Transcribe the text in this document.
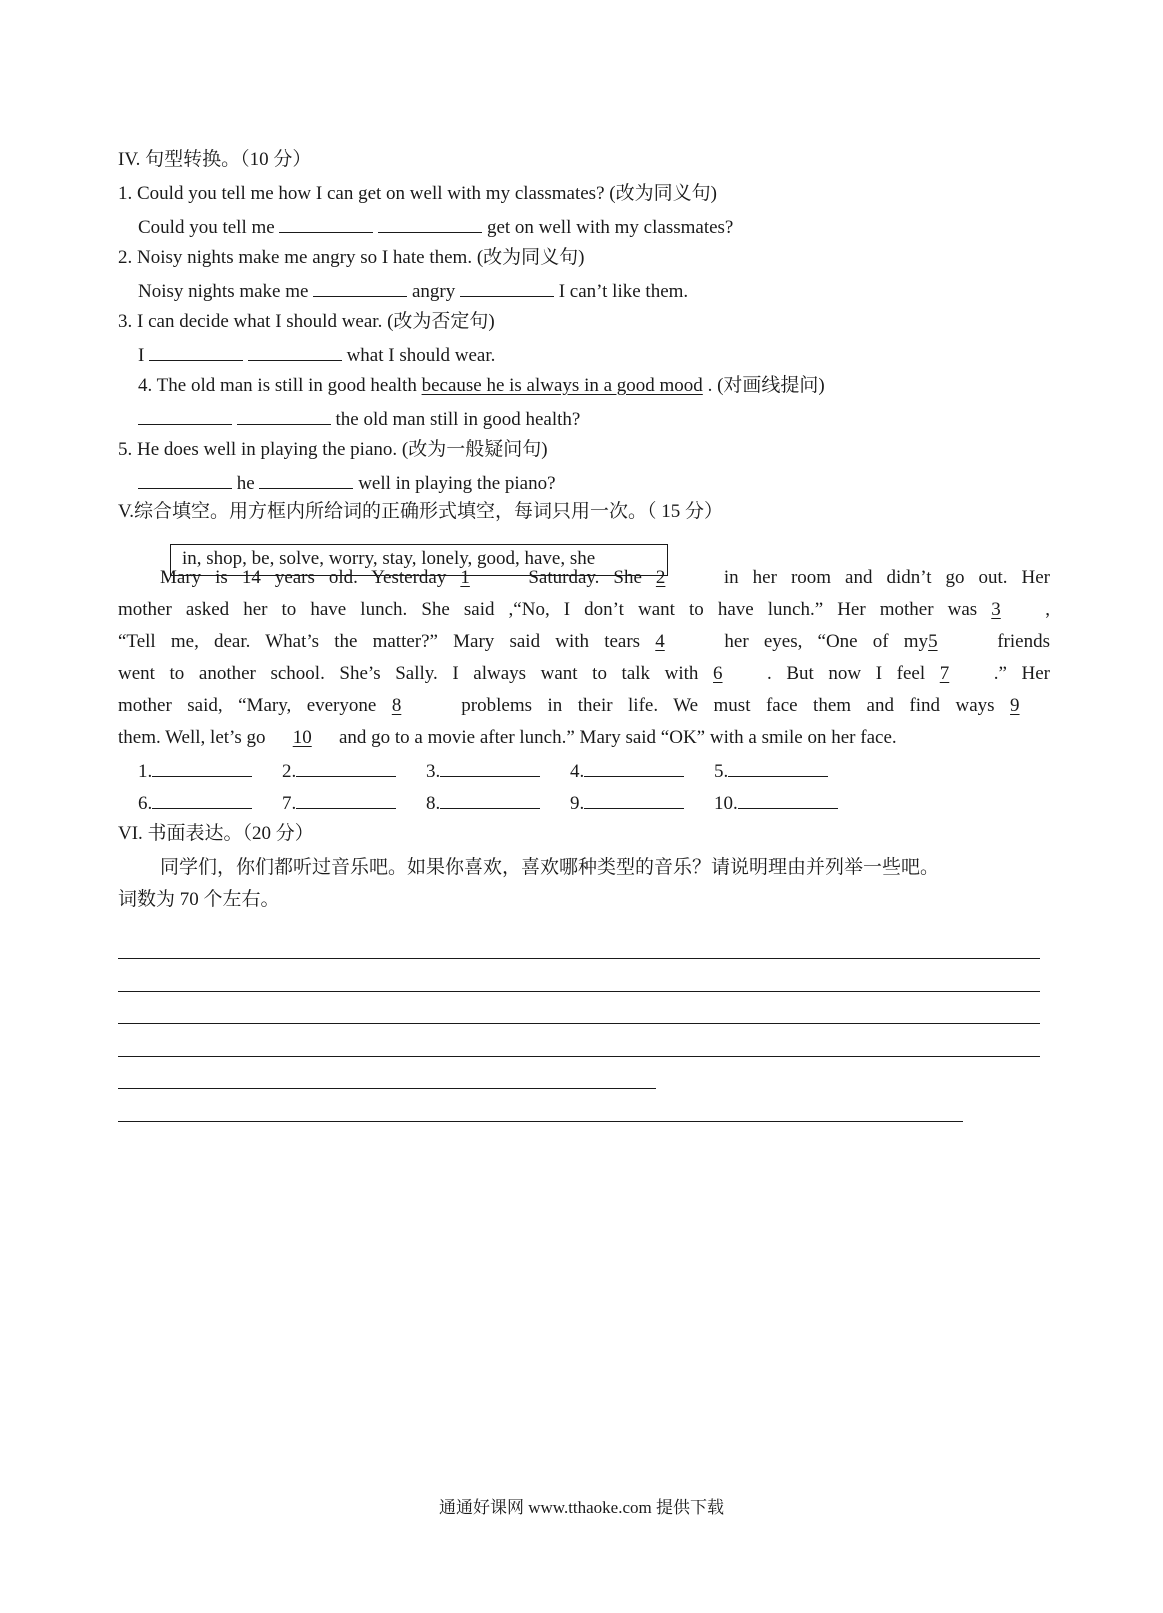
IV. 句型转换。（10 分）
1. Could you tell me how I can get on well with my classmates? (改为同义句)
Could you tell me	get on well with my classmates?
2. Noisy nights make me angry so I hate them. (改为同义句)
Noisy nights make me	angry	I can’t like them.
3. I can decide what I should wear. (改为否定句)
I	what I should wear.
4. The old man is still in good health because he is always in a good mood . (对画线提问)
the old man still in good health?
5. He does well in playing the piano. (改为一般疑问句)
he	well in playing the piano?
V.综合填空。用方框内所给词的正确形式填空，每词只用一次。（ 15 分）
in, shop, be, solve, worry, stay, lonely, good, have, she
Mary is 14 years old. Yesterday 1	Saturday. She 2	in her room and didn’t go out. Her
mother asked her to have lunch. She said ,“No, I don’t want to have lunch.” Her mother was 3 ,
“Tell me, dear. What’s the matter?” Mary said with tears 4	her eyes, “One of my5	friends
went to another school. She’s Sally. I always want to talk with 6 . But now I feel 7 .” Her
mother said, “Mary, everyone 8	problems in their life. We must face them and find ways 9
them. Well, let’s go 10 and go to a movie after lunch.” Mary said “OK” with a smile on her face.
1.	2.	3.	4.	5.
6.	7.	8.	9.	10.
VI. 书面表达。（20 分）
同学们，你们都听过音乐吧。如果你喜欢，喜欢哪种类型的音乐？请说明理由并列举一些吧。
词数为 70 个左右。
通通好课网 www.tthaoke.com 提供下载
